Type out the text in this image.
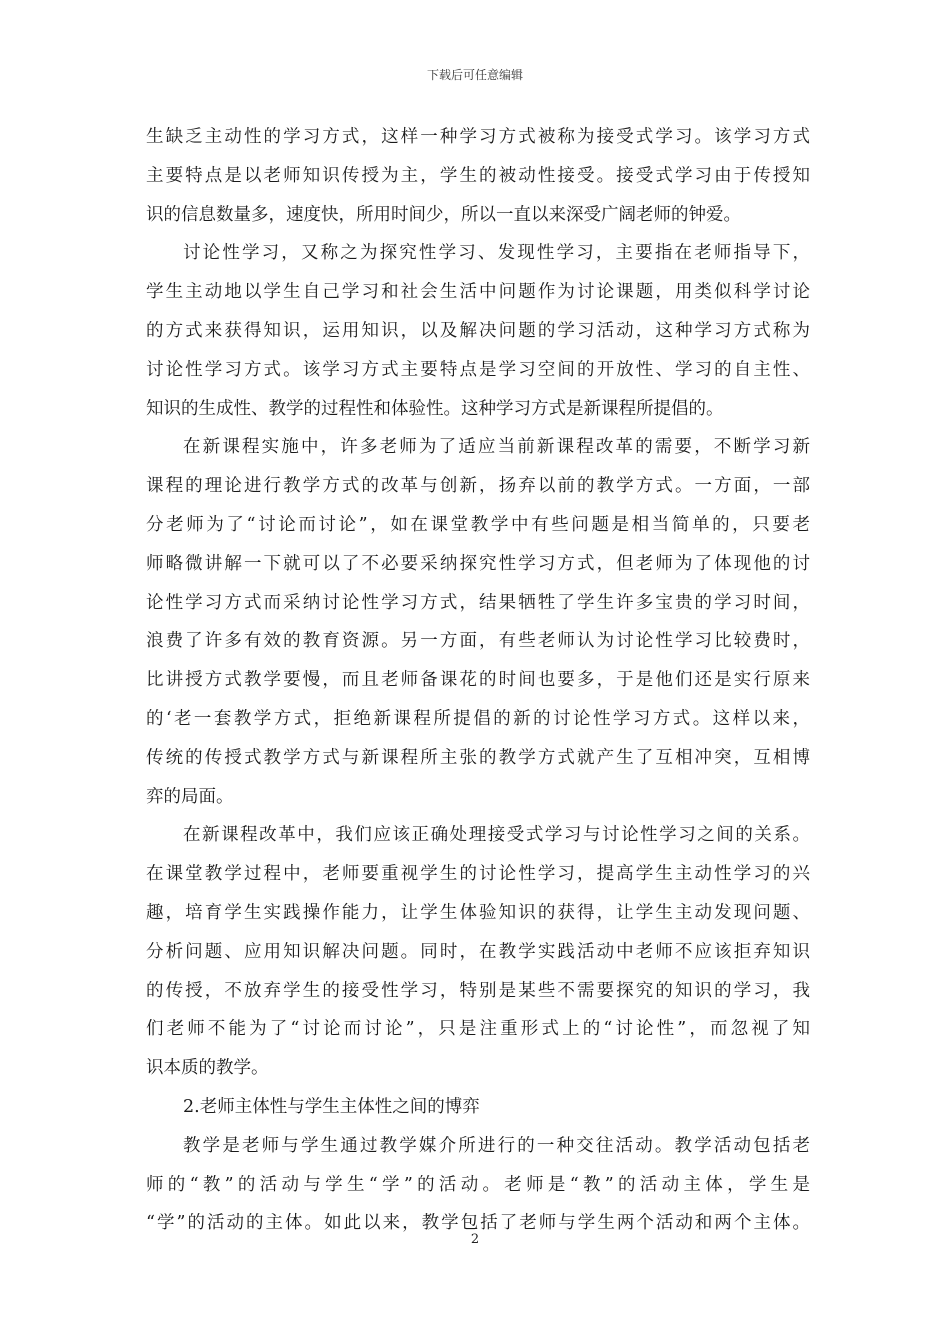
下载后可任意编辑
生缺乏主动性的学习方式，这样一种学习方式被称为接受式学习。该学习方式
主要特点是以老师知识传授为主，学生的被动性接受。接受式学习由于传授知
识的信息数量多，速度快，所用时间少，所以一直以来深受广阔老师的钟爱。
讨论性学习，又称之为探究性学习、发现性学习，主要指在老师指导下，
学生主动地以学生自己学习和社会生活中问题作为讨论课题，用类似科学讨论
的方式来获得知识，运用知识，以及解决问题的学习活动，这种学习方式称为
讨论性学习方式。该学习方式主要特点是学习空间的开放性、学习的自主性、
知识的生成性、教学的过程性和体验性。这种学习方式是新课程所提倡的。
在新课程实施中，许多老师为了适应当前新课程改革的需要，不断学习新
课程的理论进行教学方式的改革与创新，扬弃以前的教学方式。一方面，一部
分老师为了“讨论而讨论”，如在课堂教学中有些问题是相当简单的，只要老
师略微讲解一下就可以了不必要采纳探究性学习方式，但老师为了体现他的讨
论性学习方式而采纳讨论性学习方式，结果牺牲了学生许多宝贵的学习时间，
浪费了许多有效的教育资源。另一方面，有些老师认为讨论性学习比较费时，
比讲授方式教学要慢，而且老师备课花的时间也要多，于是他们还是实行原来
的‘老一套教学方式，拒绝新课程所提倡的新的讨论性学习方式。这样以来，
传统的传授式教学方式与新课程所主张的教学方式就产生了互相冲突，互相博
弈的局面。
在新课程改革中，我们应该正确处理接受式学习与讨论性学习之间的关系。
在课堂教学过程中，老师要重视学生的讨论性学习，提高学生主动性学习的兴
趣，培育学生实践操作能力，让学生体验知识的获得，让学生主动发现问题、
分析问题、应用知识解决问题。同时，在教学实践活动中老师不应该拒弃知识
的传授，不放弃学生的接受性学习，特别是某些不需要探究的知识的学习，我
们老师不能为了“讨论而讨论”，只是注重形式上的“讨论性”，而忽视了知
识本质的教学。
2.老师主体性与学生主体性之间的博弈
教学是老师与学生通过教学媒介所进行的一种交往活动。教学活动包括老
师的“教”的活动与学生“学”的活动。老师是“教”的活动主体，学生是
“学”的活动的主体。如此以来，教学包括了老师与学生两个活动和两个主体。
2
